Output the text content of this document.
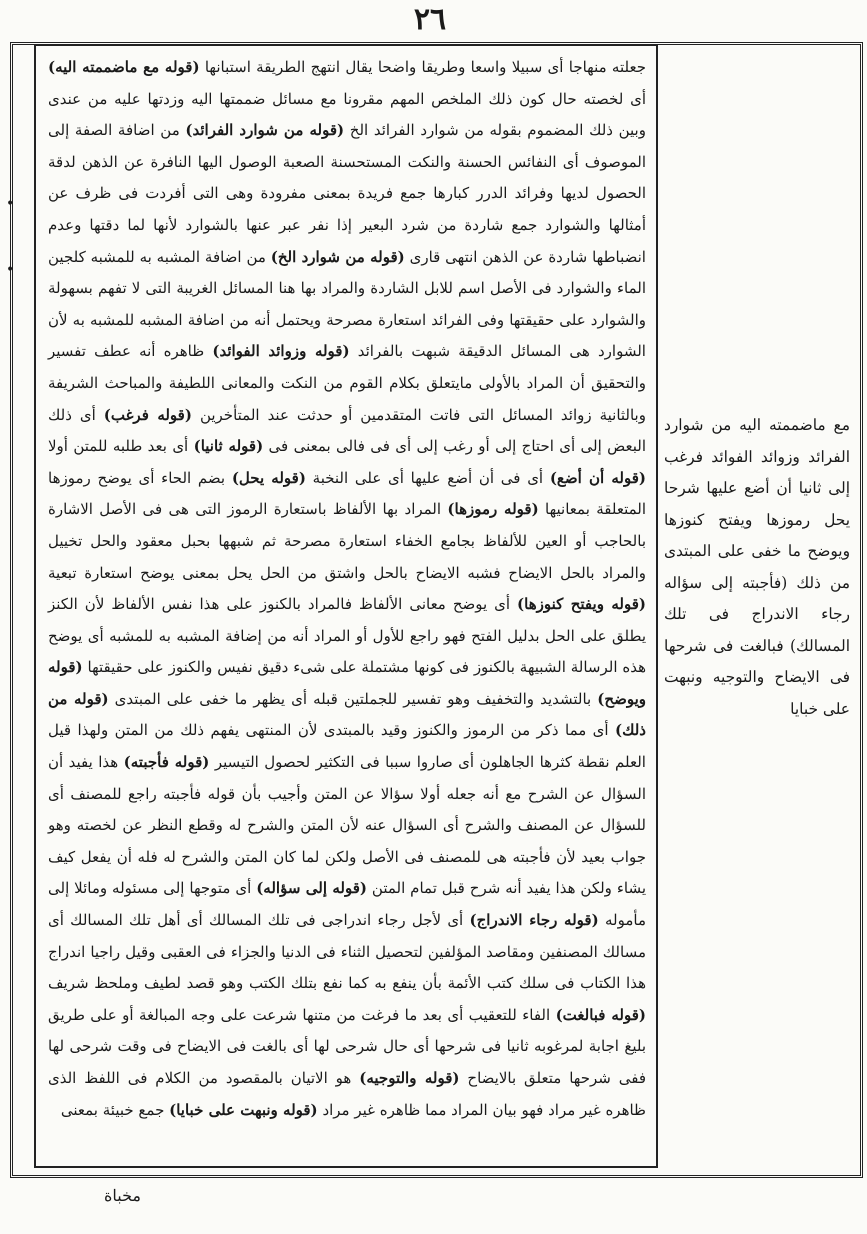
٢٦

جعلته منهاجا أى سبيلا واسعا وطريقا واضحا يقال انتهج الطريقة استبانها (قوله مع ماضممته اليه) أى لخصته حال كون ذلك الملخص المهم مقرونا مع مسائل ضممتها اليه وزدتها عليه من عندى وبين ذلك المضموم بقوله من شوارد الفرائد الخ (قوله من شوارد الفرائد) من اضافة الصفة إلى الموصوف أى النفائس الحسنة والنكت المستحسنة الصعبة الوصول اليها النافرة عن الذهن لدقة الحصول لديها وفرائد الدرر كبارها جمع فريدة بمعنى مفرودة وهى التى أفردت فى ظرف عن أمثالها والشوارد جمع شاردة من شرد البعير إذا نفر عبر عنها بالشوارد لأنها لما دقتها وعدم انضباطها شاردة عن الذهن انتهى قارى (قوله من شوارد الخ) من اضافة المشبه به للمشبه كلجين الماء والشوارد فى الأصل اسم للابل الشاردة والمراد بها هنا المسائل الغريبة التى لا تفهم بسهولة والشوارد على حقيقتها وفى الفرائد استعارة مصرحة ويحتمل أنه من اضافة المشبه للمشبه به لأن الشوارد هى المسائل الدقيقة شبهت بالفرائد (قوله وزوائد الفوائد) ظاهره أنه عطف تفسير والتحقيق أن المراد بالأولى مايتعلق بكلام القوم من النكت والمعانى اللطيفة والمباحث الشريفة وبالثانية زوائد المسائل التى فاتت المتقدمين أو حدثت عند المتأخرين (قوله فرغب) أى ذلك البعض إلى أى احتاج إلى أو رغب إلى أى فى فالى بمعنى فى (قوله ثانيا) أى بعد طلبه للمتن أولا (قوله أن أضع) أى فى أن أضع عليها أى على النخبة (قوله يحل) بضم الحاء أى يوضح رموزها المتعلقة بمعانيها (قوله رموزها) المراد بها الألفاظ باستعارة الرموز التى هى فى الأصل الاشارة بالحاجب أو العين للألفاظ بجامع الخفاء استعارة مصرحة ثم شبهها بحبل معقود والحل تخييل والمراد بالحل الايضاح فشبه الايضاح بالحل واشتق من الحل يحل بمعنى يوضح استعارة تبعية (قوله ويفتح كنوزها) أى يوضح معانى الألفاظ فالمراد بالكنوز على هذا نفس الألفاظ لأن الكنز يطلق على الحل بدليل الفتح فهو راجع للأول أو المراد أنه من إضافة المشبه به للمشبه أى يوضح هذه الرسالة الشبيهة بالكنوز فى كونها مشتملة على شىء دقيق نفيس والكنوز على حقيقتها (قوله ويوضح) بالتشديد والتخفيف وهو تفسير للجملتين قبله أى يظهر ما خفى على المبتدى (قوله من ذلك) أى مما ذكر من الرموز والكنوز وقيد بالمبتدى لأن المنتهى يفهم ذلك من المتن ولهذا قيل العلم نقطة كثرها الجاهلون أى صاروا سببا فى التكثير لحصول التيسير (قوله فأجبته) هذا يفيد أن السؤال عن الشرح مع أنه جعله أولا سؤالا عن المتن وأجيب بأن قوله فأجبته راجع للمصنف أى للسؤال عن المصنف والشرح أى السؤال عنه لأن المتن والشرح له وقطع النظر عن لخصته وهو جواب بعيد لأن فأجبته هى للمصنف فى الأصل ولكن لما كان المتن والشرح له فله أن يفعل كيف يشاء ولكن هذا يفيد أنه شرح قبل تمام المتن (قوله إلى سؤاله) أى متوجها إلى مسئوله ومائلا إلى مأموله (قوله رجاء الاندراج) أى لأجل رجاء اندراجى فى تلك المسالك أى أهل تلك المسالك أى مسالك المصنفين ومقاصد المؤلفين لتحصيل الثناء فى الدنيا والجزاء فى العقبى وقيل راجيا اندراج هذا الكتاب فى سلك كتب الأئمة بأن ينفع به كما نفع بتلك الكتب وهو قصد لطيف وملحظ شريف (قوله فبالغت) الفاء للتعقيب أى بعد ما فرغت من متنها شرعت على وجه المبالغة أو على طريق بليغ اجابة لمرغوبه ثانيا فى شرحها أى حال شرحى لها أى بالغت فى الايضاح فى وقت شرحى لها ففى شرحها متعلق بالايضاح (قوله والتوجيه) هو الاتيان بالمقصود من الكلام فى اللفظ الذى ظاهره غير مراد فهو بيان المراد مما ظاهره غير مراد (قوله ونبهت على خبايا) جمع خبيئة بمعنى

مع ماضممته اليه من شوارد الفرائد وزوائد الفوائد فرغب إلى ثانيا أن أضع عليها شرحا يحل رموزها ويفتح كنوزها ويوضح ما خفى على المبتدى من ذلك (فأجبته إلى سؤاله رجاء الاندراج فى تلك المسالك) فبالغت فى شرحها فى الايضاح والتوجيه ونبهت على خبايا
مخباة
•
•
